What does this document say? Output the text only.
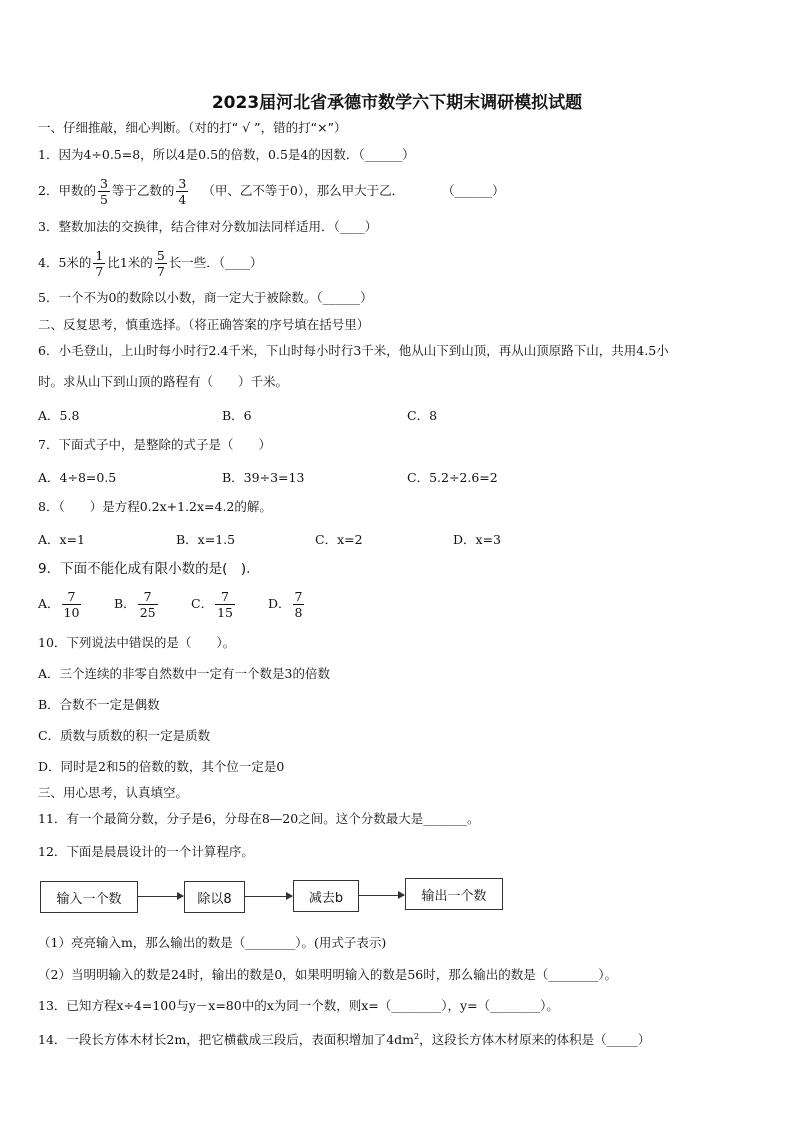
2023届河北省承德市数学六下期末调研模拟试题
一、仔细推敲，细心判断。（对的打“ √ ”，错的打“×”）
1．因为4÷0.5=8，所以4是0.5的倍数，0.5是4的因数．（______）
2．甲数的 $\frac{3}{5}$ 等于乙数的 $\frac{3}{4}$ （甲、乙不等于0），那么甲大于乙．	（______）
3．整数加法的交换律，结合律对分数加法同样适用．（____）
4．5米的 $\frac{1}{7}$ 比1米的 $\frac{5}{7}$ 长一些．（____）
5．一个不为0的数除以小数，商一定大于被除数。（______）
二、反复思考，慎重选择。（将正确答案的序号填在括号里）
6．小毛登山，上山时每小时行2.4千米，下山时每小时行3千米，他从山下到山顶，再从山顶原路下山，共用4.5小
时。求从山下到山顶的路程有（　　）千米。
A．5.8	B．6	C．8
7．下面式子中，是整除的式子是（　　）
A．4÷8=0.5	B．39÷3=13	C．5.2÷2.6=2
8．（　　）是方程0.2x+1.2x=4.2的解。
A．x=1	B．x=1.5	C．x=2	D．x=3
9．下面不能化成有限小数的是(　).
A． $\frac{7}{10}$	B． $\frac{7}{25}$	C． $\frac{7}{15}$	D． $\frac{7}{8}$
10．下列说法中错误的是（　　）。
A．三个连续的非零自然数中一定有一个数是3的倍数
B．合数不一定是偶数
C．质数与质数的积一定是质数
D．同时是2和5的倍数的数，其个位一定是0
三、用心思考，认真填空。
11．有一个最简分数，分子是6，分母在8—20之间。这个分数最大是_______。
12．下面是晨晨设计的一个计算程序。
输入一个数	除以8	减去b	输出一个数
（1）亮亮输入m，那么输出的数是（________）。(用式子表示)
（2）当明明输入的数是24时，输出的数是0，如果明明输入的数是56时，那么输出的数是（________）。
13．已知方程x÷4=100与y－x=80中的x为同一个数，则x=（________），y=（________）。
14．一段长方体木材长2m，把它横截成三段后，表面积增加了$4dm^2$，这段长方体木材原来的体积是（_____）
